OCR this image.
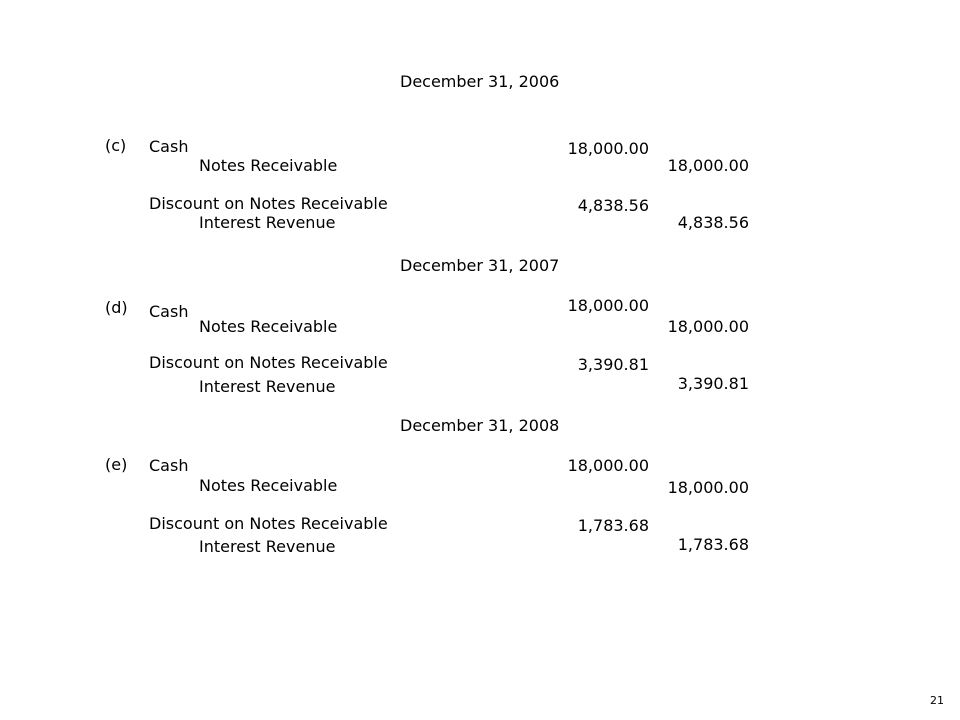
December 31, 2006
(c) Cash	18,000.00
Notes Receivable	18,000.00
Discount on Notes Receivable	4,838.56
Interest Revenue	4,838.56
December 31, 2007
(d) Cash	18,000.00
Notes Receivable	18,000.00
Discount on Notes Receivable	3,390.81
Interest Revenue	3,390.81
December 31, 2008
(e) Cash	18,000.00
Notes Receivable	18,000.00
Discount on Notes Receivable	1,783.68
Interest Revenue	1,783.68
21
